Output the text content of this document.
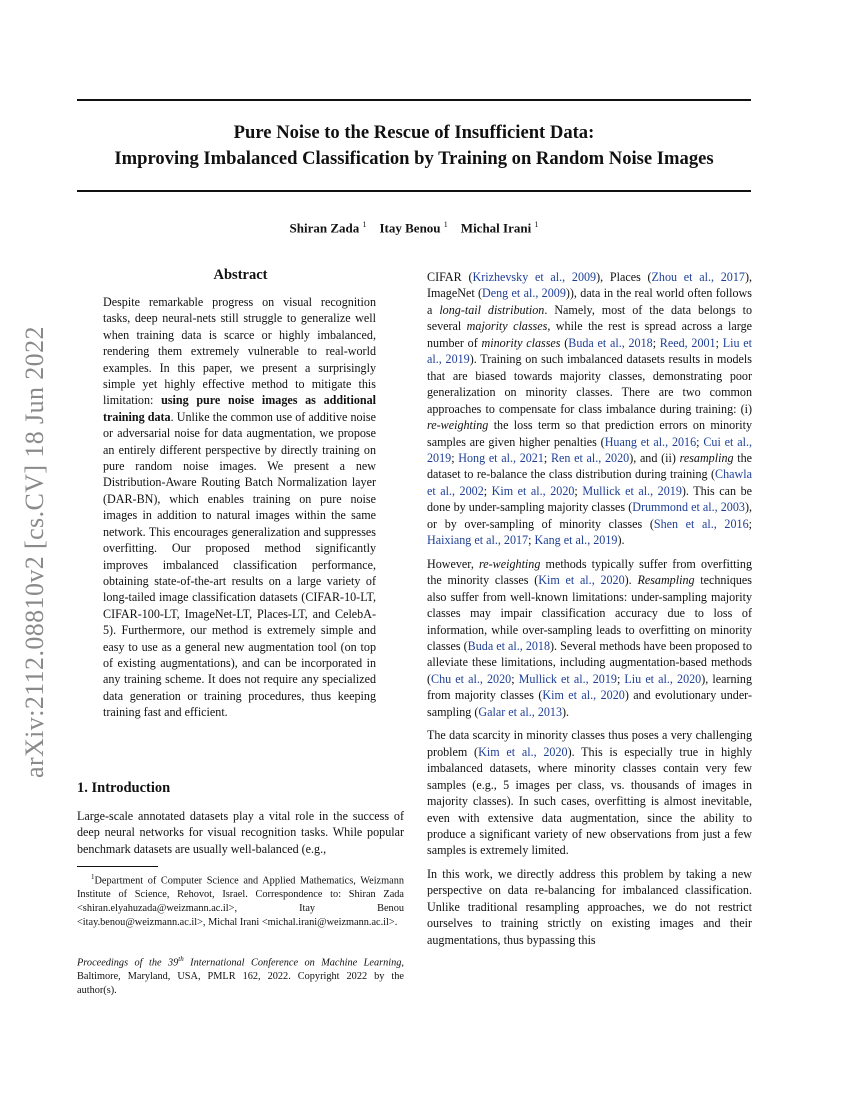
Pure Noise to the Rescue of Insufficient Data:
Improving Imbalanced Classification by Training on Random Noise Images
Shiran Zada $^1$ Itay Benou $^1$ Michal Irani $^1$
arXiv:2112.08810v2 [cs.CV] 18 Jun 2022
Abstract

Despite remarkable progress on visual recognition tasks, deep neural-nets still struggle to generalize well when training data is scarce or highly imbalanced, rendering them extremely vulnerable to real-world examples. In this paper, we present a surprisingly simple yet highly effective method to mitigate this limitation: using pure noise images as additional training data. Unlike the common use of additive noise or adversarial noise for data augmentation, we propose an entirely different perspective by directly training on pure random noise images. We present a new Distribution-Aware Routing Batch Normalization layer (DAR-BN), which enables training on pure noise images in addition to natural images within the same network. This encourages generalization and suppresses overfitting. Our proposed method significantly improves imbalanced classification performance, obtaining state-of-the-art results on a large variety of long-tailed image classification datasets (CIFAR-10-LT, CIFAR-100-LT, ImageNet-LT, Places-LT, and CelebA-5). Furthermore, our method is extremely simple and easy to use as a general new augmentation tool (on top of existing augmentations), and can be incorporated in any training scheme. It does not require any specialized data generation or training procedures, thus keeping training fast and efficient.

1. Introduction

Large-scale annotated datasets play a vital role in the success of deep neural networks for visual recognition tasks. While popular benchmark datasets are usually well-balanced (e.g.,

$^1$Department of Computer Science and Applied Mathematics, Weizmann Institute of Science, Rehovot, Israel. Correspondence to: Shiran Zada <shiran.elyahuzada@weizmann.ac.il>, Itay Benou <itay.benou@weizmann.ac.il>, Michal Irani <michal.irani@weizmann.ac.il>.
Proceedings of the 39th International Conference on Machine Learning, Baltimore, Maryland, USA, PMLR 162, 2022. Copyright 2022 by the author(s).

CIFAR (Krizhevsky et al., 2009), Places (Zhou et al., 2017), ImageNet (Deng et al., 2009)), data in the real world often follows a long-tail distribution. Namely, most of the data belongs to several majority classes, while the rest is spread across a large number of minority classes (Buda et al., 2018; Reed, 2001; Liu et al., 2019). Training on such imbalanced datasets results in models that are biased towards majority classes, demonstrating poor generalization on minority classes. There are two common approaches to compensate for class imbalance during training: (i) re-weighting the loss term so that prediction errors on minority samples are given higher penalties (Huang et al., 2016; Cui et al., 2019; Hong et al., 2021; Ren et al., 2020), and (ii) resampling the dataset to re-balance the class distribution during training (Chawla et al., 2002; Kim et al., 2020; Mullick et al., 2019). This can be done by under-sampling majority classes (Drummond et al., 2003), or by over-sampling of minority classes (Shen et al., 2016; Haixiang et al., 2017; Kang et al., 2019).

However, re-weighting methods typically suffer from overfitting the minority classes (Kim et al., 2020). Resampling techniques also suffer from well-known limitations: under-sampling majority classes may impair classification accuracy due to loss of information, while over-sampling leads to overfitting on minority classes (Buda et al., 2018). Several methods have been proposed to alleviate these limitations, including augmentation-based methods (Chu et al., 2020; Mullick et al., 2019; Liu et al., 2020), learning from majority classes (Kim et al., 2020) and evolutionary under-sampling (Galar et al., 2013).

The data scarcity in minority classes thus poses a very challenging problem (Kim et al., 2020). This is especially true in highly imbalanced datasets, where minority classes contain very few samples (e.g., 5 images per class, vs. thousands of images in majority classes). In such cases, overfitting is almost inevitable, even with extensive data augmentation, since the ability to produce a significant variety of new observations from just a few samples is extremely limited.

In this work, we directly address this problem by taking a new perspective on data re-balancing for imbalanced classification. Unlike traditional resampling approaches, we do not restrict ourselves to training strictly on existing images and their augmentations, thus bypassing this
